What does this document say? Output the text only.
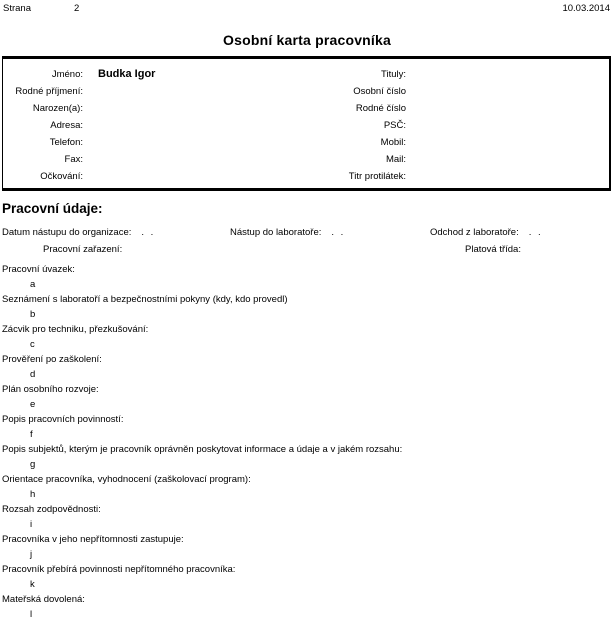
Strana	2	10.03.2014
Osobní karta pracovníka
Jméno:	Budka Igor	Tituly:
Rodné příjmení:	Osobní číslo
Narozen(a):	Rodné číslo
Adresa:	PSČ:
Telefon:	Mobil:
Fax:	Mail:
Očkování:	Titr protilátek:
Pracovní údaje:
Datum nástupu do organizace: . .	Nástup do laboratoře: . .	Odchod z laboratoře: . .
Pracovní zařazení:	Platová třída:
Pracovní úvazek:
a
Seznámení s laboratoří a bezpečnostními pokyny (kdy, kdo provedl)
b
Zácvik pro techniku, přezkušování:
c
Prověření po zaškolení:
d
Plán osobního rozvoje:
e
Popis pracovních povinností:
f
Popis subjektů, kterým je pracovník oprávněn poskytovat informace a údaje a v jakém rozsahu:
g
Orientace pracovníka, vyhodnocení (zaškolovací program):
h
Rozsah zodpovědnosti:
i
Pracovníka v jeho nepřítomnosti zastupuje:
j
Pracovník přebírá povinnosti nepřítomného pracovníka:
k
Mateřská dovolená:
l
